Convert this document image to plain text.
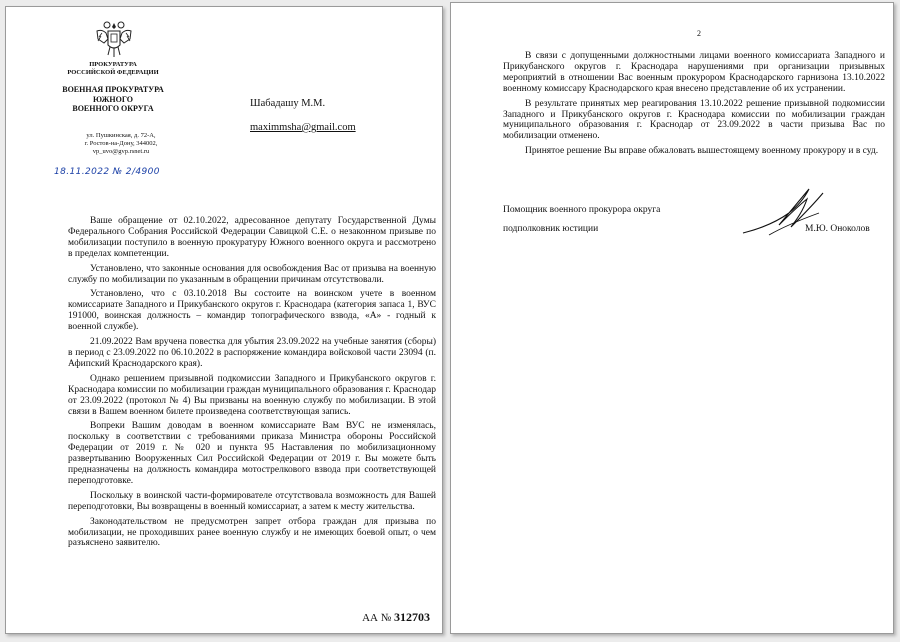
ПРОКУРАТУРА
РОССИЙСКОЙ ФЕДЕРАЦИИ
ВОЕННАЯ ПРОКУРАТУРА
ЮЖНОГО
ВОЕННОГО ОКРУГА
ул. Пушкинская, д. 72-А,
г. Ростов-на-Дону, 344002,
vp_uvo@gvp.rsnet.ru
18.11.2022 № 2/4900
Шабадашу М.М.
maximmsha@gmail.com

Ваше обращение от 02.10.2022, адресованное депутату Государственной Думы Федерального Собрания Российской Федерации Савицкой С.Е. о незаконном призыве по мобилизации поступило в военную прокуратуру Южного военного округа и рассмотрено в пределах компетенции.

Установлено, что законные основания для освобождения Вас от призыва на военную службу по мобилизации по указанным в обращении причинам отсутствовали.

Установлено, что с 03.10.2018 Вы состоите на воинском учете в военном комиссариате Западного и Прикубанского округов г. Краснодара (категория запаса 1, ВУС 191000, воинская должность – командир топографического взвода, «А» - годный к военной службе).

21.09.2022 Вам вручена повестка для убытия 23.09.2022 на учебные занятия (сборы) в период с 23.09.2022 по 06.10.2022 в распоряжение командира войсковой части 23094 (п. Афипский Краснодарского края).

Однако решением призывной подкомиссии Западного и Прикубанского округов г. Краснодара комиссии по мобилизации граждан муниципального образования г. Краснодар от 23.09.2022 (протокол № 4) Вы призваны на военную службу по мобилизации. В этой связи в Вашем военном билете произведена соответствующая запись.

Вопреки Вашим доводам в военном комиссариате Вам ВУС не изменялась, поскольку в соответствии с требованиями приказа Министра обороны Российской Федерации от 2019 г. № 020 и пункта 95 Наставления по мобилизационному развертыванию Вооруженных Сил Российской Федерации от 2019 г. Вы можете быть предназначены на должность командира мотострелкового взвода при соответствующей переподготовке.

Поскольку в воинской части-формирователе отсутствовала возможность для Вашей переподготовки, Вы возвращены в военный комиссариат, а затем к месту жительства.

Законодательством не предусмотрен запрет отбора граждан для призыва по мобилизации, не проходивших ранее военную службу и не имеющих боевой опыт, о чем разъяснено заявителю.

АА № 312703
2

В связи с допущенными должностными лицами военного комиссариата Западного и Прикубанского округов г. Краснодара нарушениями при организации призывных мероприятий в отношении Вас военным прокурором Краснодарского гарнизона 13.10.2022 военному комиссару Краснодарского края внесено представление об их устранении.

В результате принятых мер реагирования 13.10.2022 решение призывной подкомиссии Западного и Прикубанского округов г. Краснодара комиссии по мобилизации граждан муниципального образования г. Краснодар от 23.09.2022 в части призыва Вас по мобилизации отменено.

Принятое решение Вы вправе обжаловать вышестоящему военному прокурору и в суд.

Помощник военного прокурора округа
подполковник юстиции	М.Ю. Оноколов
